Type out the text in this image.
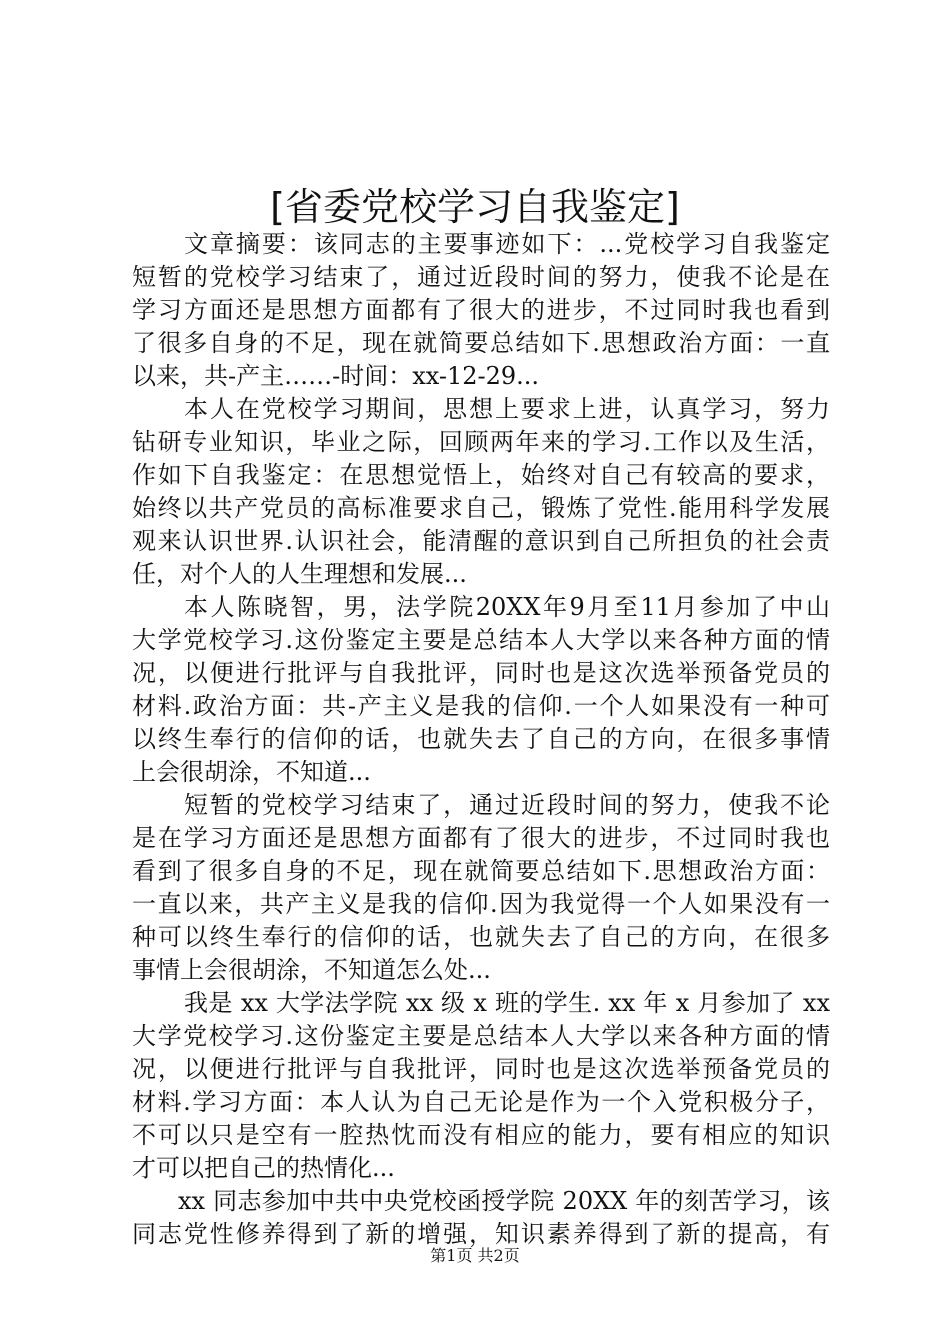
[省委党校学习自我鉴定]
文章摘要：该同志的主要事迹如下：...党校学习自我鉴定
短暂的党校学习结束了，通过近段时间的努力，使我不论是在
学习方面还是思想方面都有了很大的进步，不过同时我也看到
了很多自身的不足，现在就简要总结如下.思想政治方面：一直
以来，共-产主……-时间：xx-12-29...
本人在党校学习期间，思想上要求上进，认真学习，努力
钻研专业知识，毕业之际，回顾两年来的学习.工作以及生活，
作如下自我鉴定：在思想觉悟上，始终对自己有较高的要求，
始终以共产党员的高标准要求自己，锻炼了党性.能用科学发展
观来认识世界.认识社会，能清醒的意识到自己所担负的社会责
任，对个人的人生理想和发展...
本人陈晓智，男，法学院20XX年9月至11月参加了中山
大学党校学习.这份鉴定主要是总结本人大学以来各种方面的情
况，以便进行批评与自我批评，同时也是这次选举预备党员的
材料.政治方面：共-产主义是我的信仰.一个人如果没有一种可
以终生奉行的信仰的话，也就失去了自己的方向，在很多事情
上会很胡涂，不知道...
短暂的党校学习结束了，通过近段时间的努力，使我不论
是在学习方面还是思想方面都有了很大的进步，不过同时我也
看到了很多自身的不足，现在就简要总结如下.思想政治方面：
一直以来，共产主义是我的信仰.因为我觉得一个人如果没有一
种可以终生奉行的信仰的话，也就失去了自己的方向，在很多
事情上会很胡涂，不知道怎么处...
我是 xx 大学法学院 xx 级 x 班的学生. xx 年 x 月参加了 xx
大学党校学习.这份鉴定主要是总结本人大学以来各种方面的情
况，以便进行批评与自我批评，同时也是这次选举预备党员的
材料.学习方面：本人认为自己无论是作为一个入党积极分子，
不可以只是空有一腔热忱而没有相应的能力，要有相应的知识
才可以把自己的热情化...
xx 同志参加中共中央党校函授学院 20XX 年的刻苦学习，该
同志党性修养得到了新的增强，知识素养得到了新的提高，有
第1页 共2页
